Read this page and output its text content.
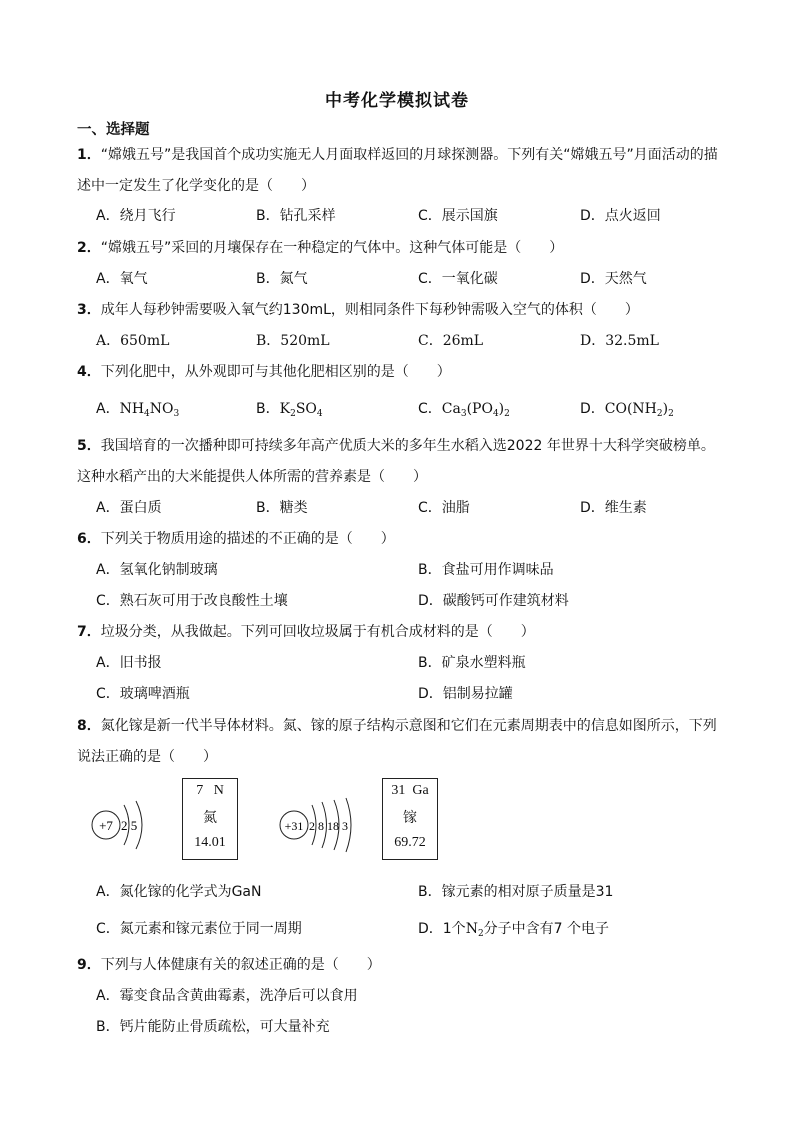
中考化学模拟试卷
一、选择题
1．“嫦娥五号”是我国首个成功实施无人月面取样返回的月球探测器。下列有关“嫦娥五号”月面活动的描
述中一定发生了化学变化的是（　　）
A．绕月飞行	B．钻孔采样	C．展示国旗	D．点火返回
2．“嫦娥五号”采回的月壤保存在一种稳定的气体中。这种气体可能是（　　）
A．氧气	B．氮气	C．一氧化碳	D．天然气
3．成年人每秒钟需要吸入氧气约130mL，则相同条件下每秒钟需吸入空气的体积（　　）
A．650mL	B．520mL	C．26mL	D．32.5mL
4．下列化肥中，从外观即可与其他化肥相区别的是（　　）
A．$NH_4NO_3$	B．$K_2SO_4$	C．$Ca_3(PO_4)_2$	D．$CO(NH_2)_2$
5．我国培育的一次播种即可持续多年高产优质大米的多年生水稻入选2022 年世界十大科学突破榜单。
这种水稻产出的大米能提供人体所需的营养素是（　　）
A．蛋白质	B．糖类	C．油脂	D．维生素
6．下列关于物质用途的描述的不正确的是（　　）
A．氢氧化钠制玻璃	B．食盐可用作调味品
C．熟石灰可用于改良酸性土壤	D．碳酸钙可作建筑材料
7．垃圾分类，从我做起。下列可回收垃圾属于有机合成材料的是（　　）
A．旧书报	B．矿泉水塑料瓶
C．玻璃啤酒瓶	D．铝制易拉罐
8．氮化镓是新一代半导体材料。氮、镓的原子结构示意图和它们在元素周期表中的信息如图所示，下列
说法正确的是（　　）
+7 2 5
7 N
氮
14.01
+31 2 8 18 3
31 Ga
镓
69.72
A．氮化镓的化学式为GaN	B．镓元素的相对原子质量是31
C．氮元素和镓元素位于同一周期	D．1个$N_2$分子中含有7 个电子
9．下列与人体健康有关的叙述正确的是（　　）
A．霉变食品含黄曲霉素，洗净后可以食用
B．钙片能防止骨质疏松，可大量补充
